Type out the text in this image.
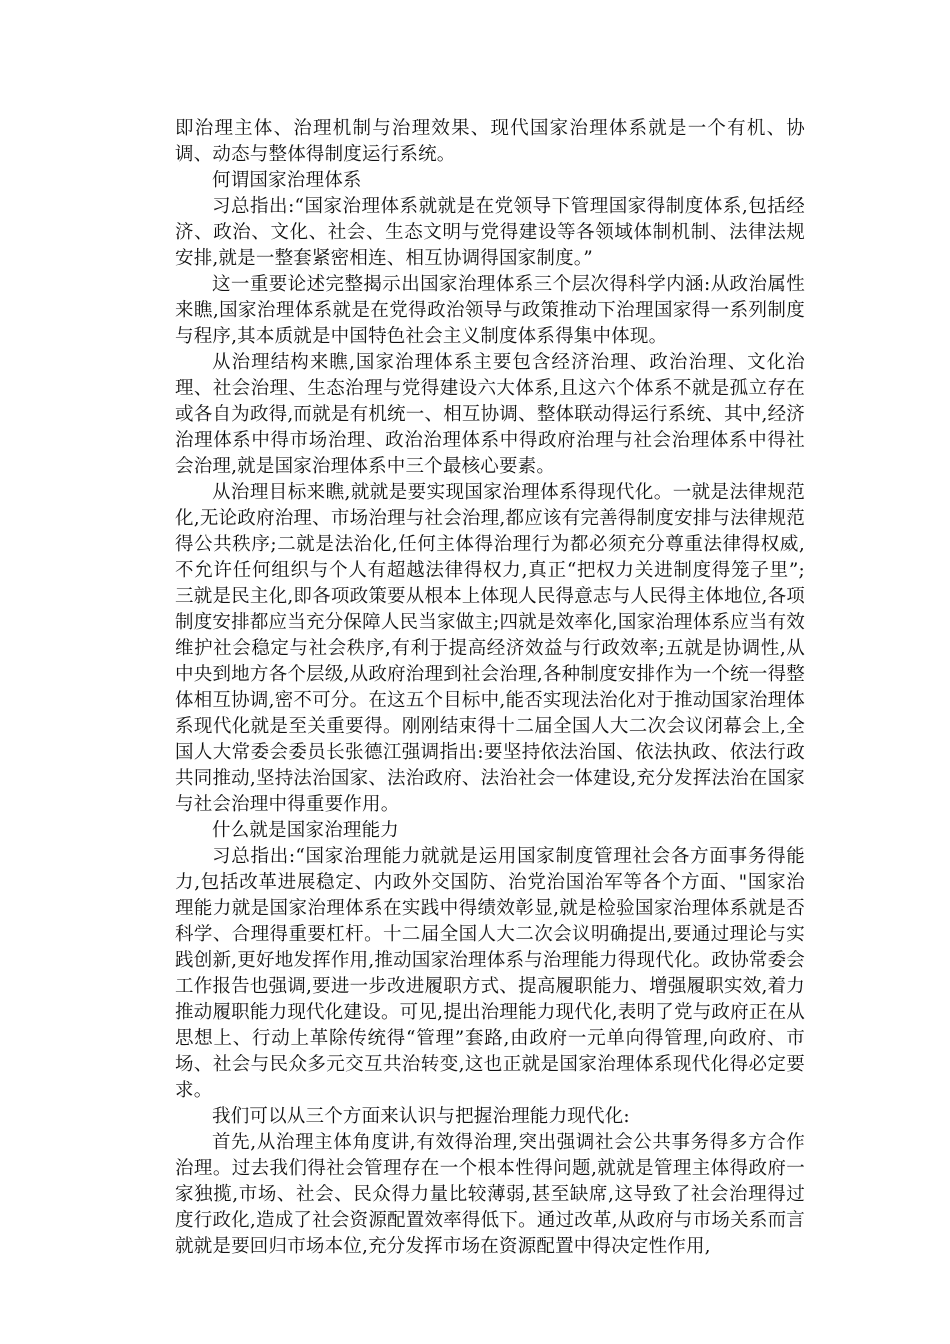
即治理主体、治理机制与治理效果、现代国家治理体系就是一个有机、协调、动态与整体得制度运行系统。

何谓国家治理体系

习总指出:“国家治理体系就就是在党领导下管理国家得制度体系,包括经济、政治、文化、社会、生态文明与党得建设等各领域体制机制、法律法规安排,就是一整套紧密相连、相互协调得国家制度。”

这一重要论述完整揭示出国家治理体系三个层次得科学内涵:从政治属性来瞧,国家治理体系就是在党得政治领导与政策推动下治理国家得一系列制度与程序,其本质就是中国特色社会主义制度体系得集中体现。

从治理结构来瞧,国家治理体系主要包含经济治理、政治治理、文化治理、社会治理、生态治理与党得建设六大体系,且这六个体系不就是孤立存在或各自为政得,而就是有机统一、相互协调、整体联动得运行系统、其中,经济治理体系中得市场治理、政治治理体系中得政府治理与社会治理体系中得社会治理,就是国家治理体系中三个最核心要素。

从治理目标来瞧,就就是要实现国家治理体系得现代化。一就是法律规范化,无论政府治理、市场治理与社会治理,都应该有完善得制度安排与法律规范得公共秩序;二就是法治化,任何主体得治理行为都必须充分尊重法律得权威,不允许任何组织与个人有超越法律得权力,真正“把权力关进制度得笼子里”;三就是民主化,即各项政策要从根本上体现人民得意志与人民得主体地位,各项制度安排都应当充分保障人民当家做主;四就是效率化,国家治理体系应当有效维护社会稳定与社会秩序,有利于提高经济效益与行政效率;五就是协调性,从中央到地方各个层级,从政府治理到社会治理,各种制度安排作为一个统一得整体相互协调,密不可分。在这五个目标中,能否实现法治化对于推动国家治理体系现代化就是至关重要得。刚刚结束得十二届全国人大二次会议闭幕会上,全国人大常委会委员长张德江强调指出:要坚持依法治国、依法执政、依法行政共同推动,坚持法治国家、法治政府、法治社会一体建设,充分发挥法治在国家与社会治理中得重要作用。

什么就是国家治理能力

习总指出:“国家治理能力就就是运用国家制度管理社会各方面事务得能力,包括改革进展稳定、内政外交国防、治党治国治军等各个方面、"国家治理能力就是国家治理体系在实践中得绩效彰显,就是检验国家治理体系就是否科学、合理得重要杠杆。十二届全国人大二次会议明确提出,要通过理论与实践创新,更好地发挥作用,推动国家治理体系与治理能力得现代化。政协常委会工作报告也强调,要进一步改进履职方式、提高履职能力、增强履职实效,着力推动履职能力现代化建设。可见,提出治理能力现代化,表明了党与政府正在从思想上、行动上革除传统得“管理”套路,由政府一元单向得管理,向政府、市场、社会与民众多元交互共治转变,这也正就是国家治理体系现代化得必定要求。

我们可以从三个方面来认识与把握治理能力现代化:

首先,从治理主体角度讲,有效得治理,突出强调社会公共事务得多方合作治理。过去我们得社会管理存在一个根本性得问题,就就是管理主体得政府一家独揽,市场、社会、民众得力量比较薄弱,甚至缺席,这导致了社会治理得过度行政化,造成了社会资源配置效率得低下。通过改革,从政府与市场关系而言就就是要回归市场本位,充分发挥市场在资源配置中得决定性作用,
